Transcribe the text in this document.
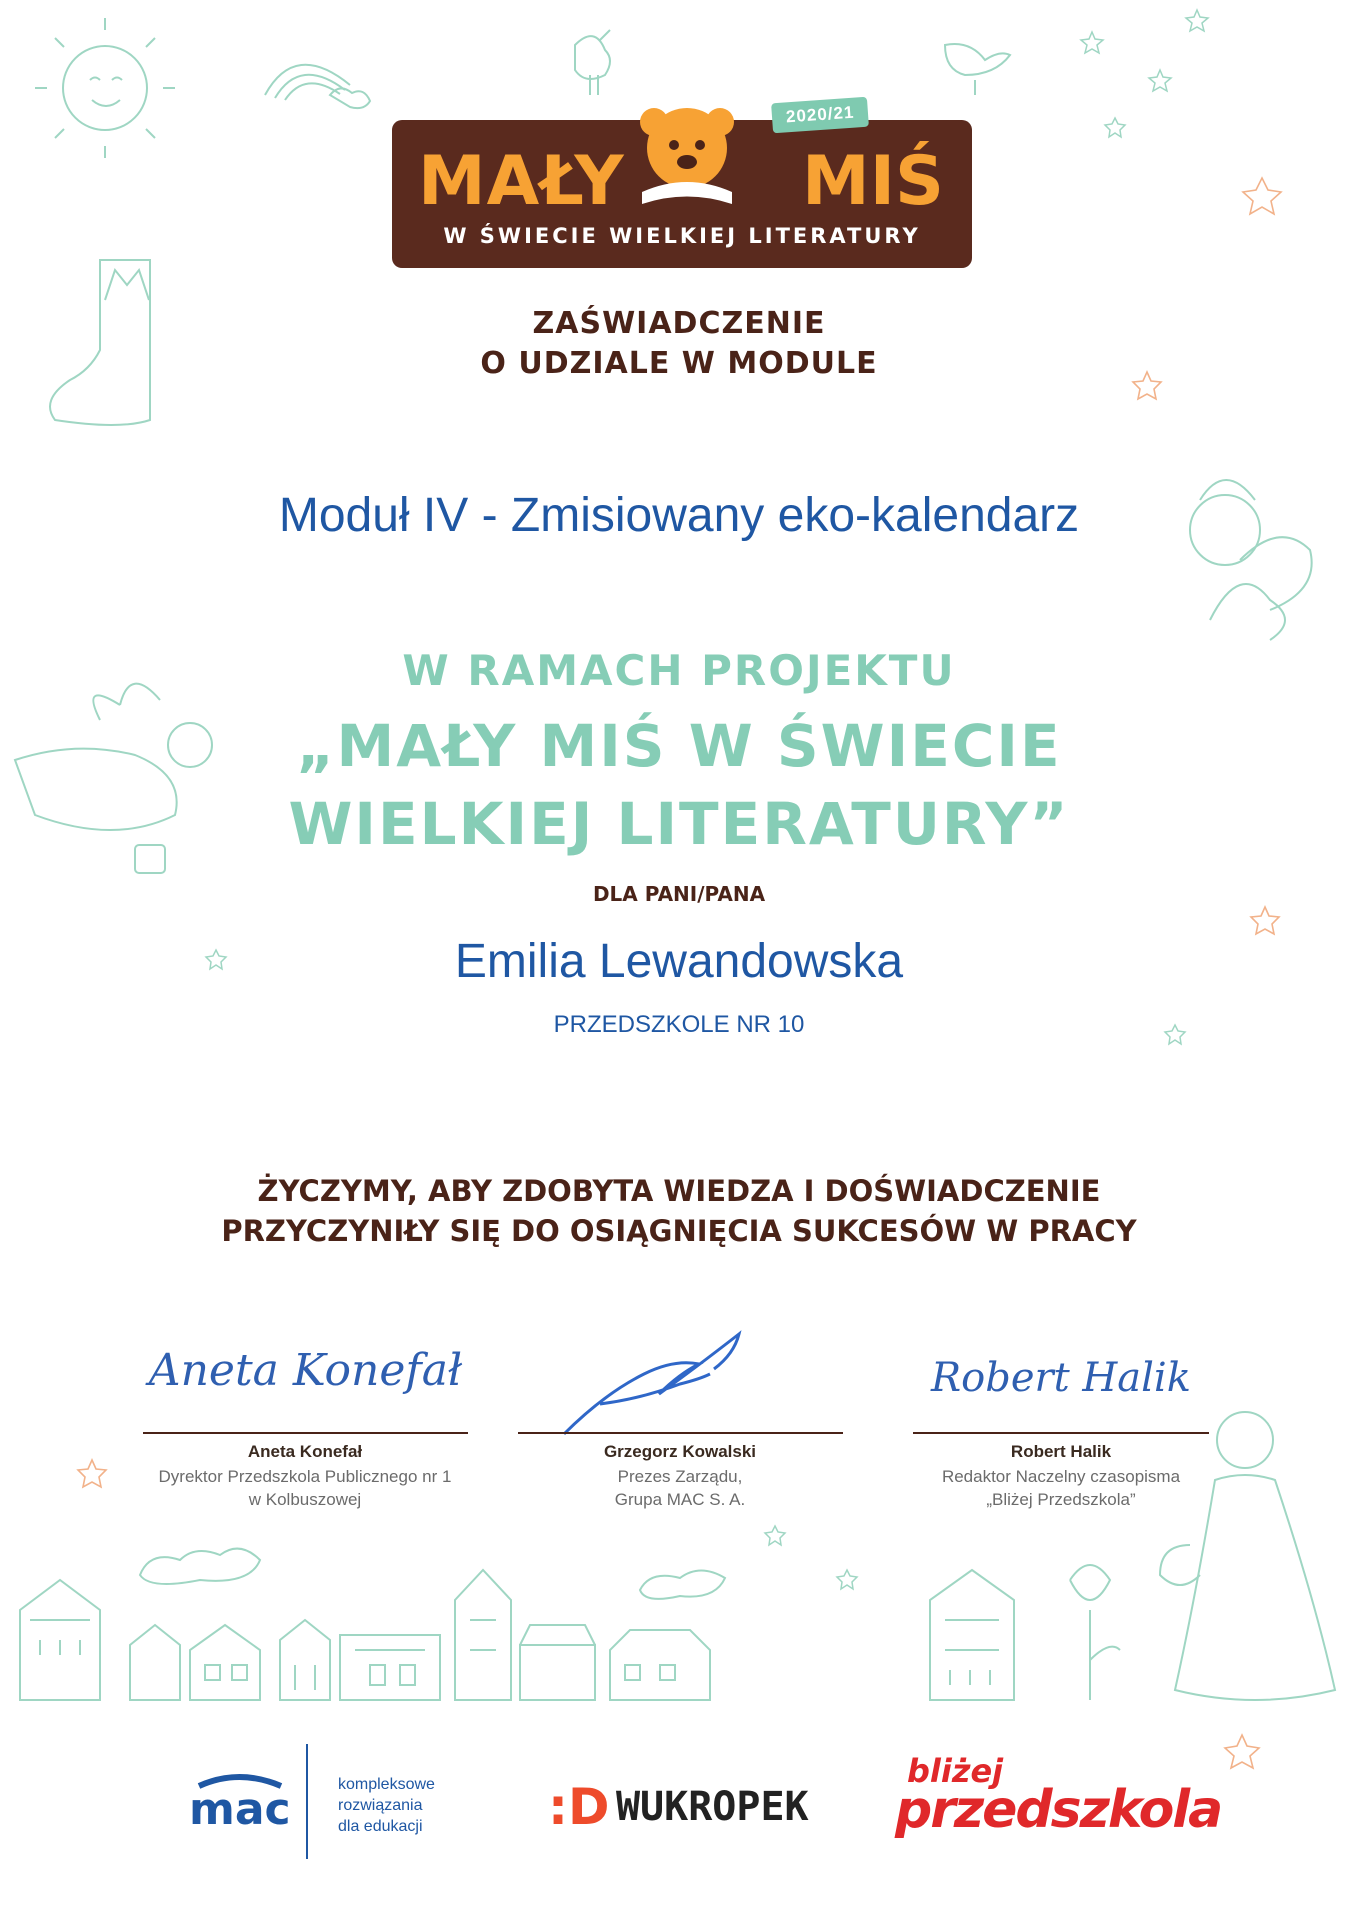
2020/21
MAŁY	MIŚ
W ŚWIECIE WIELKIEJ LITERATURY
ZAŚWIADCZENIE
O UDZIALE W MODULE
Moduł IV - Zmisiowany eko-kalendarz
W RAMACH PROJEKTU
„MAŁY MIŚ W ŚWIECIE
WIELKIEJ LITERATURY”
DLA PANI/PANA
Emilia Lewandowska
PRZEDSZKOLE NR 10
ŻYCZYMY, ABY ZDOBYTA WIEDZA I DOŚWIADCZENIE
PRZYCZYNIŁY SIĘ DO OSIĄGNIĘCIA SUKCESÓW W PRACY
Aneta Konefał
Aneta Konefał
Dyrektor Przedszkola Publicznego nr 1
w Kolbuszowej
Grzegorz Kowalski
Prezes Zarządu,
Grupa MAC S. A.
Robert Halik
Robert Halik
Redaktor Naczelny czasopisma
„Bliżej Przedszkola”
mac	kompleksowe
rozwiązania
dla edukacji	:D WUKROPEK
bliżej
przedszkola
